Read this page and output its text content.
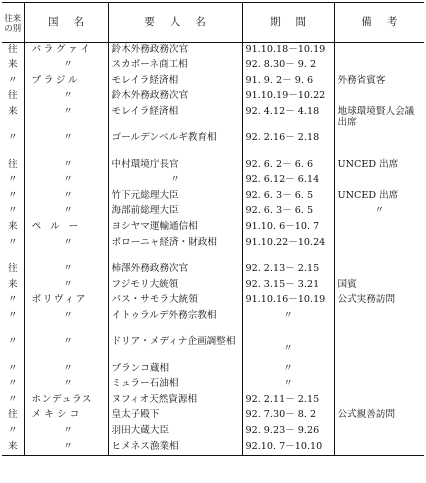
往来の別	国名	要人名	期間	備考
往	パラグァイ	鈴木外務政務次官	91.10.18－10.19	
来	〃	スカボーネ商工相	92. 8.30－ 9. 2	
〃	ブラジル	モレイラ経済相	91. 9. 2－ 9. 6	外務省賓客
往	〃	鈴木外務政務次官	91.10.19－10.22	
来	〃	モレイラ経済相	92. 4.12－ 4.18	地球環境賢人会議出席
〃	〃	ゴールデンベルギ教育相	92. 2.16－ 2.18	
往	〃	中村環境庁長官	92. 6. 2－ 6. 6	UNCED 出席
〃	〃	〃	92. 6.12－ 6.14	
〃	〃	竹下元総理大臣	92. 6. 3－ 6. 5	UNCED 出席
〃	〃	海部前総理大臣	92. 6. 3－ 6. 5	〃
来	ペルー	ヨシヤマ運輸通信相	91.10. 6－10. 7	
〃	〃	ボローニャ経済・財政相	91.10.22－10.24	
往	〃	柿澤外務政務次官	92. 2.13－ 2.15	
来	〃	フジモリ大統領	92. 3.15－ 3.21	国賓
〃	ボリヴィア	パス・サモラ大統領	91.10.16－10.19	公式実務訪問
〃	〃	イトゥラルデ外務宗教相	〃	
〃	〃	ドリア・メディナ企画調整相	〃	
〃	〃	ブランコ蔵相	〃	
〃	〃	ミュラー石油相	〃	
〃	ホンデュラス	ヌフィオ天然資源相	92. 2.11－ 2.15	
往	メキシコ	皇太子殿下	92. 7.30－ 8. 2	公式親善訪問
〃	〃	羽田大蔵大臣	92. 9.23－ 9.26	
来	〃	ヒメネス漁業相	92.10. 7－10.10	
